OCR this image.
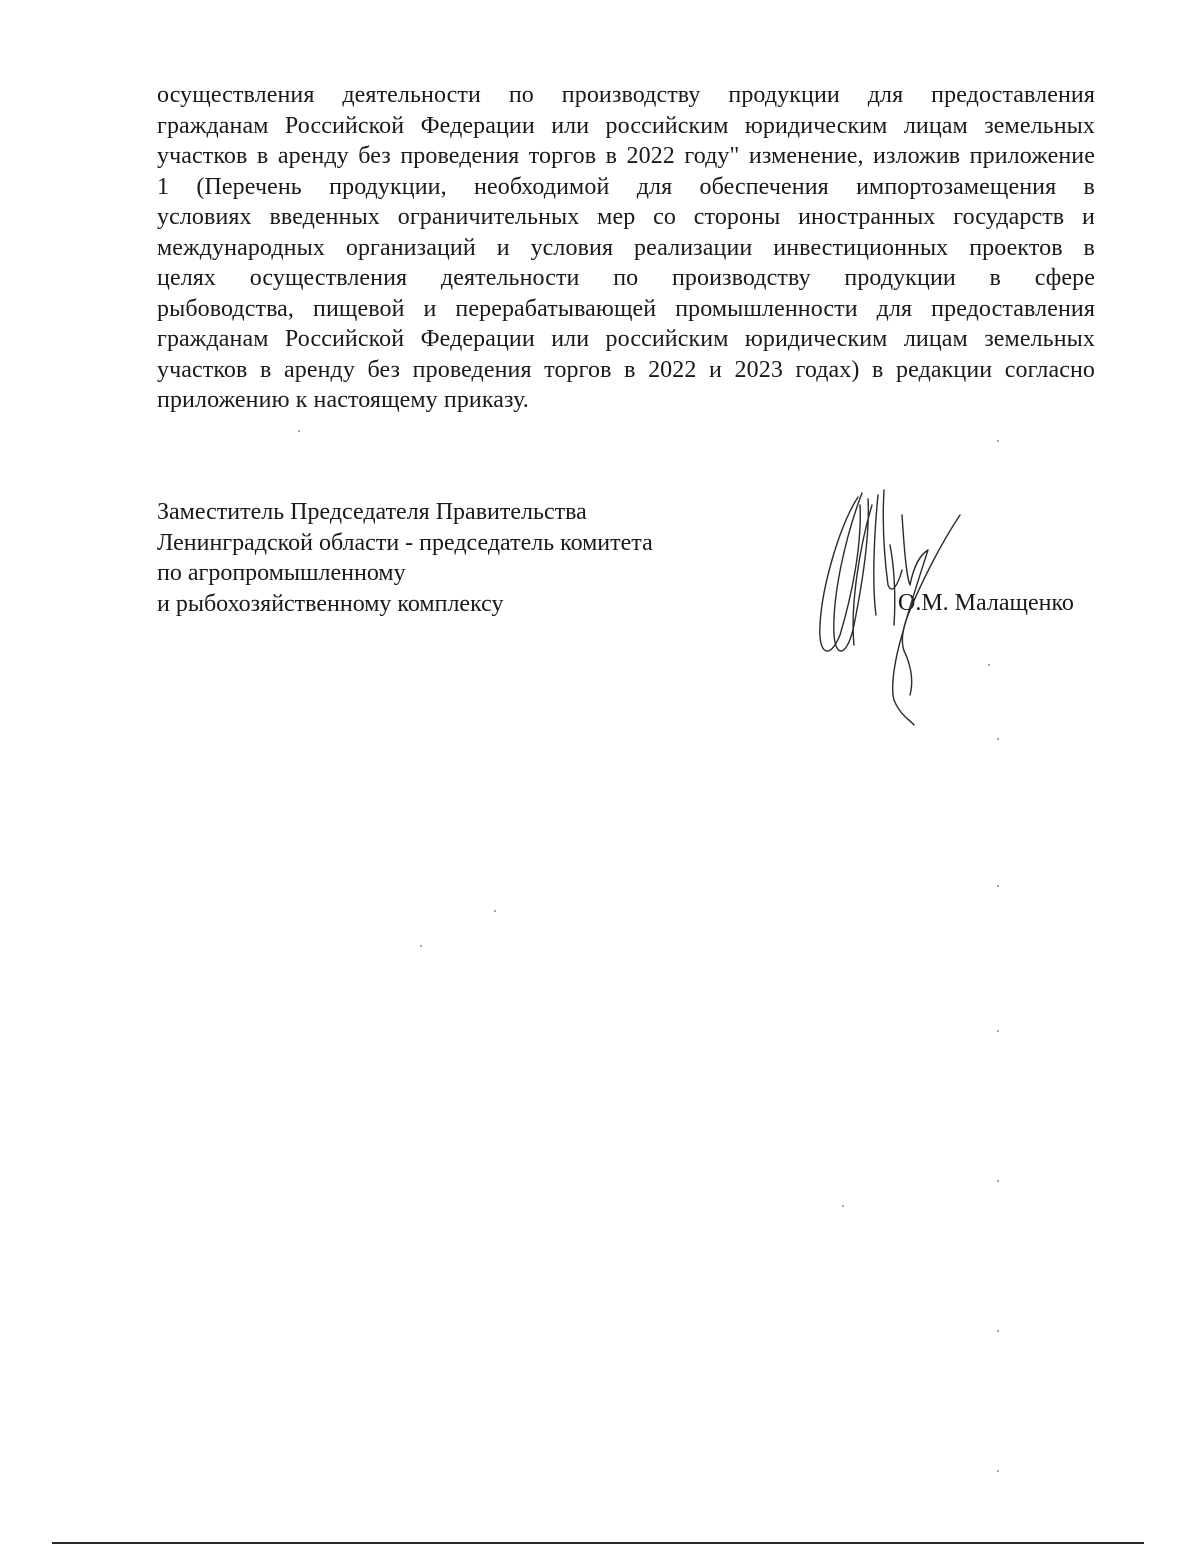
осуществления деятельности по производству продукции для предоставления
гражданам Российской Федерации или российским юридическим лицам земельных
участков в аренду без проведения торгов в 2022 году" изменение, изложив приложение
1 (Перечень продукции, необходимой для обеспечения импортозамещения в
условиях введенных ограничительных мер со стороны иностранных государств и
международных организаций и условия реализации инвестиционных проектов в
целях осуществления деятельности по производству продукции в сфере
рыбоводства, пищевой и перерабатывающей промышленности для предоставления
гражданам Российской Федерации или российским юридическим лицам земельных
участков в аренду без проведения торгов в 2022 и 2023 годах) в редакции согласно
приложению к настоящему приказу.
Заместитель Председателя Правительства
Ленинградской области - председатель комитета
по агропромышленному
и рыбохозяйственному комплексу	О.М. Малащенко
